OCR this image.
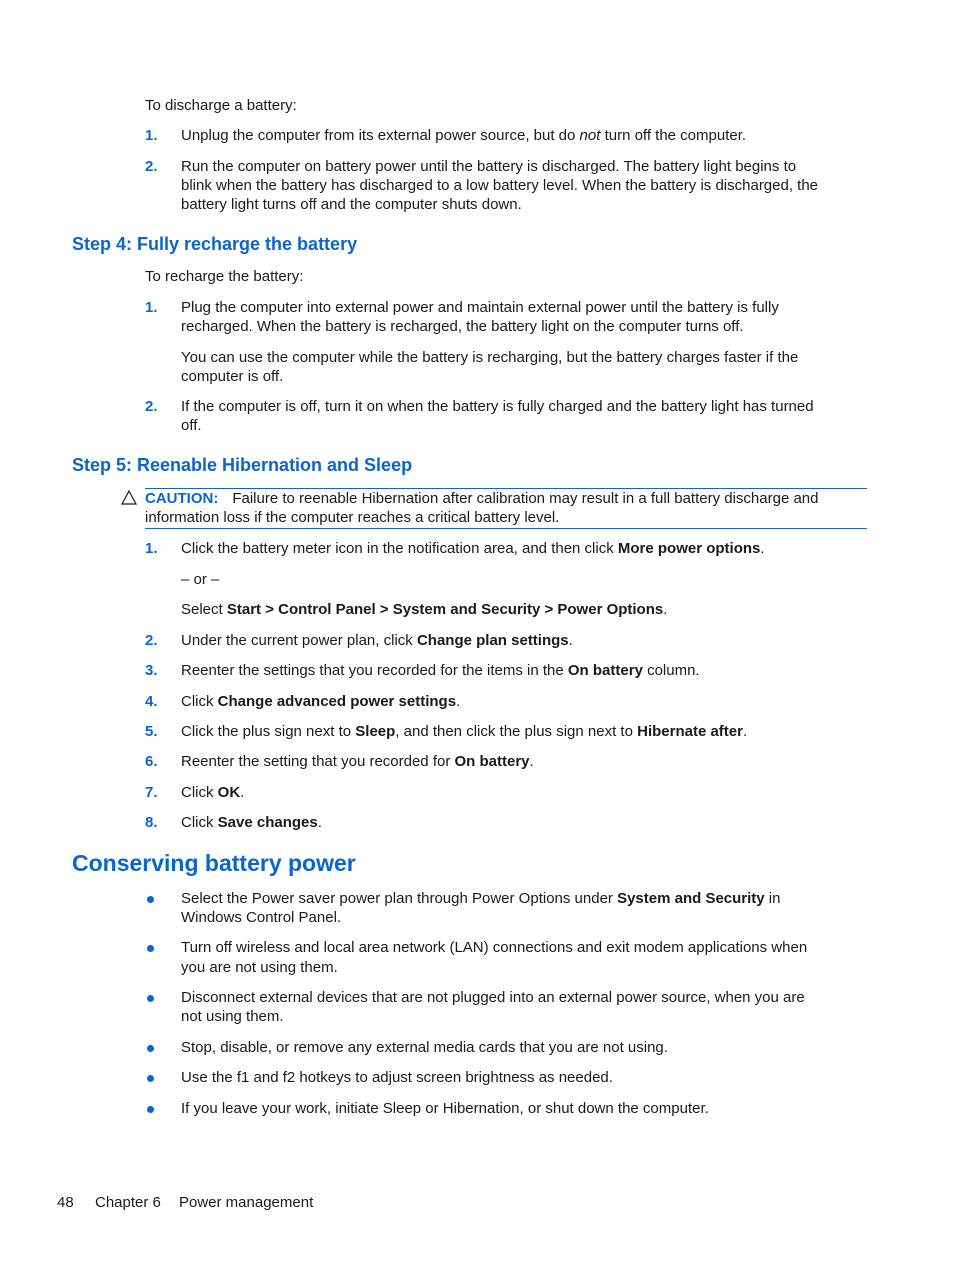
To discharge a battery:
1. Unplug the computer from its external power source, but do not turn off the computer.
2. Run the computer on battery power until the battery is discharged. The battery light begins to
blink when the battery has discharged to a low battery level. When the battery is discharged, the
battery light turns off and the computer shuts down.
Step 4: Fully recharge the battery
To recharge the battery:
1. Plug the computer into external power and maintain external power until the battery is fully
recharged. When the battery is recharged, the battery light on the computer turns off.
You can use the computer while the battery is recharging, but the battery charges faster if the
computer is off.
2. If the computer is off, turn it on when the battery is fully charged and the battery light has turned
off.
Step 5: Reenable Hibernation and Sleep
CAUTION: Failure to reenable Hibernation after calibration may result in a full battery discharge and
information loss if the computer reaches a critical battery level.
1. Click the battery meter icon in the notification area, and then click More power options.
– or –
Select Start > Control Panel > System and Security > Power Options.
2. Under the current power plan, click Change plan settings.
3. Reenter the settings that you recorded for the items in the On battery column.
4. Click Change advanced power settings.
5. Click the plus sign next to Sleep, and then click the plus sign next to Hibernate after.
6. Reenter the setting that you recorded for On battery.
7. Click OK.
8. Click Save changes.
Conserving battery power
Select the Power saver power plan through Power Options under System and Security in
Windows Control Panel.
Turn off wireless and local area network (LAN) connections and exit modem applications when
you are not using them.
Disconnect external devices that are not plugged into an external power source, when you are
not using them.
Stop, disable, or remove any external media cards that you are not using.
Use the f1 and f2 hotkeys to adjust screen brightness as needed.
If you leave your work, initiate Sleep or Hibernation, or shut down the computer.
48 Chapter 6 Power management
